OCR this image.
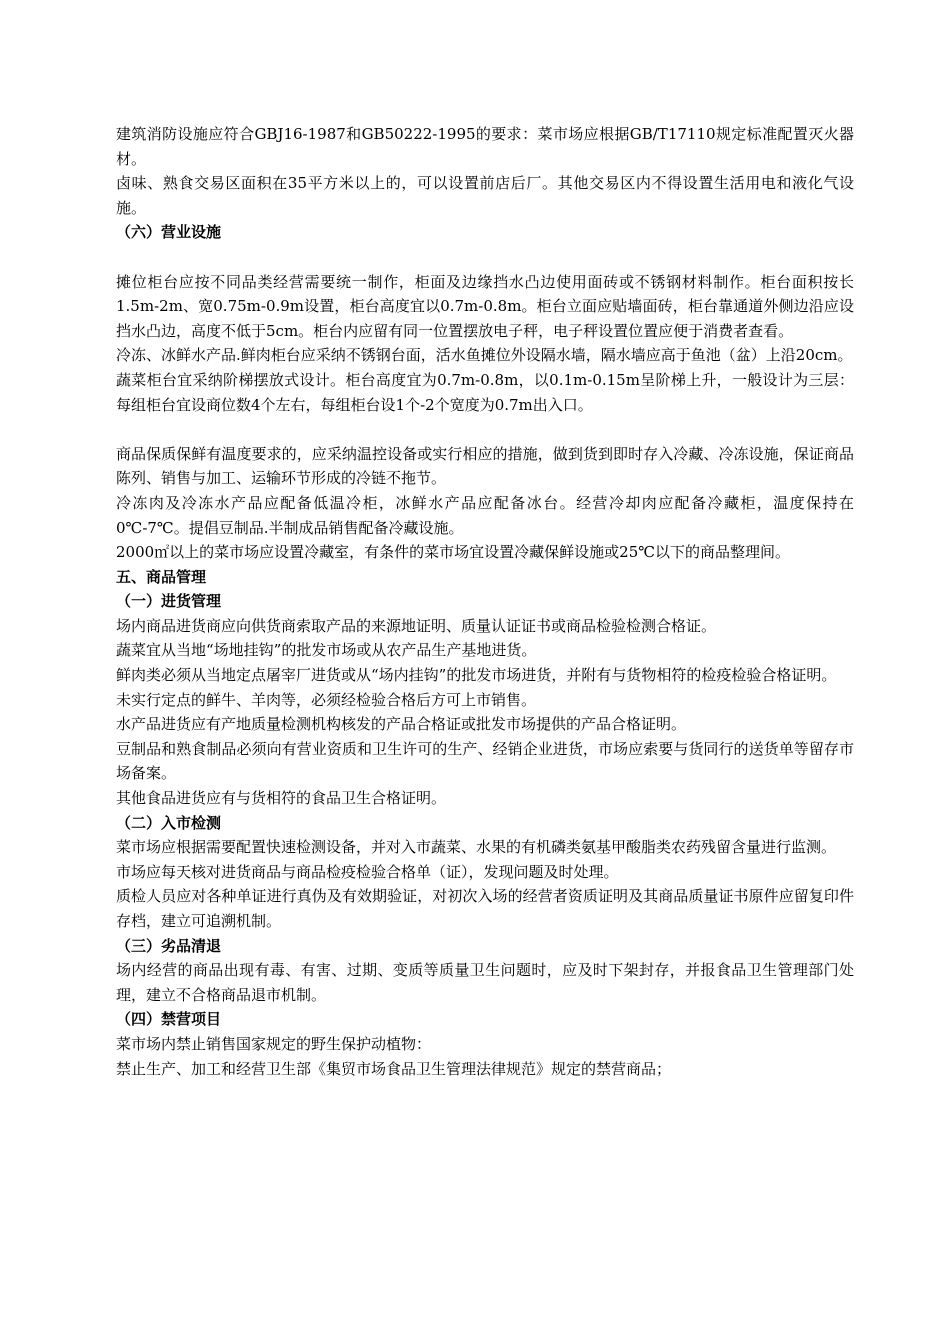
建筑消防设施应符合GBJ16-1987和GB50222-1995的要求：菜市场应根据GB/T17110规定标准配置灭火器材。

卤味、熟食交易区面积在35平方米以上的，可以设置前店后厂。其他交易区内不得设置生活用电和液化气设施。

（六）营业设施

摊位柜台应按不同品类经营需要统一制作，柜面及边缘挡水凸边使用面砖或不锈钢材料制作。柜台面积按长1.5m-2m、宽0.75m-0.9m设置，柜台高度宜以0.7m-0.8m。柜台立面应贴墙面砖，柜台靠通道外侧边沿应设挡水凸边，高度不低于5cm。柜台内应留有同一位置摆放电子秤，电子秤设置位置应便于消费者查看。

冷冻、冰鲜水产品.鲜肉柜台应采纳不锈钢台面，活水鱼摊位外设隔水墙，隔水墙应高于鱼池（盆）上沿20cm。

蔬菜柜台宜采纳阶梯摆放式设计。柜台高度宜为0.7m-0.8m，以0.1m-0.15m呈阶梯上升，一般设计为三层：每组柜台宜设商位数4个左右，每组柜台设1个-2个宽度为0.7m出入口。

商品保质保鲜有温度要求的，应采纳温控设备或实行相应的措施，做到货到即时存入冷藏、冷冻设施，保证商品陈列、销售与加工、运输环节形成的冷链不拖节。

冷冻肉及冷冻水产品应配备低温冷柜，冰鲜水产品应配备冰台。经营冷却肉应配备冷藏柜，温度保持在0℃-7℃。提倡豆制品.半制成品销售配备冷藏设施。

2000㎡以上的菜市场应设置冷藏室，有条件的菜市场宜设置冷藏保鲜设施或25℃以下的商品整理间。

五、商品管理

（一）进货管理

场内商品进货商应向供货商索取产品的来源地证明、质量认证证书或商品检验检测合格证。

蔬菜宜从当地“场地挂钩”的批发市场或从农产品生产基地进货。

鲜肉类必须从当地定点屠宰厂进货或从“场内挂钩”的批发市场进货，并附有与货物相符的检疫检验合格证明。

未实行定点的鲜牛、羊肉等，必须经检验合格后方可上市销售。

水产品进货应有产地质量检测机构核发的产品合格证或批发市场提供的产品合格证明。

豆制品和熟食制品必须向有营业资质和卫生许可的生产、经销企业进货，市场应索要与货同行的送货单等留存市场备案。

其他食品进货应有与货相符的食品卫生合格证明。

（二）入市检测

菜市场应根据需要配置快速检测设备，并对入市蔬菜、水果的有机磷类氨基甲酸脂类农药残留含量进行监测。

市场应每天核对进货商品与商品检疫检验合格单（证），发现问题及时处理。

质检人员应对各种单证进行真伪及有效期验证，对初次入场的经营者资质证明及其商品质量证书原件应留复印件存档，建立可追溯机制。

（三）劣品清退

场内经营的商品出现有毒、有害、过期、变质等质量卫生问题时，应及时下架封存，并报食品卫生管理部门处理，建立不合格商品退市机制。

（四）禁营项目

菜市场内禁止销售国家规定的野生保护动植物：

禁止生产、加工和经营卫生部《集贸市场食品卫生管理法律规范》规定的禁营商品；
